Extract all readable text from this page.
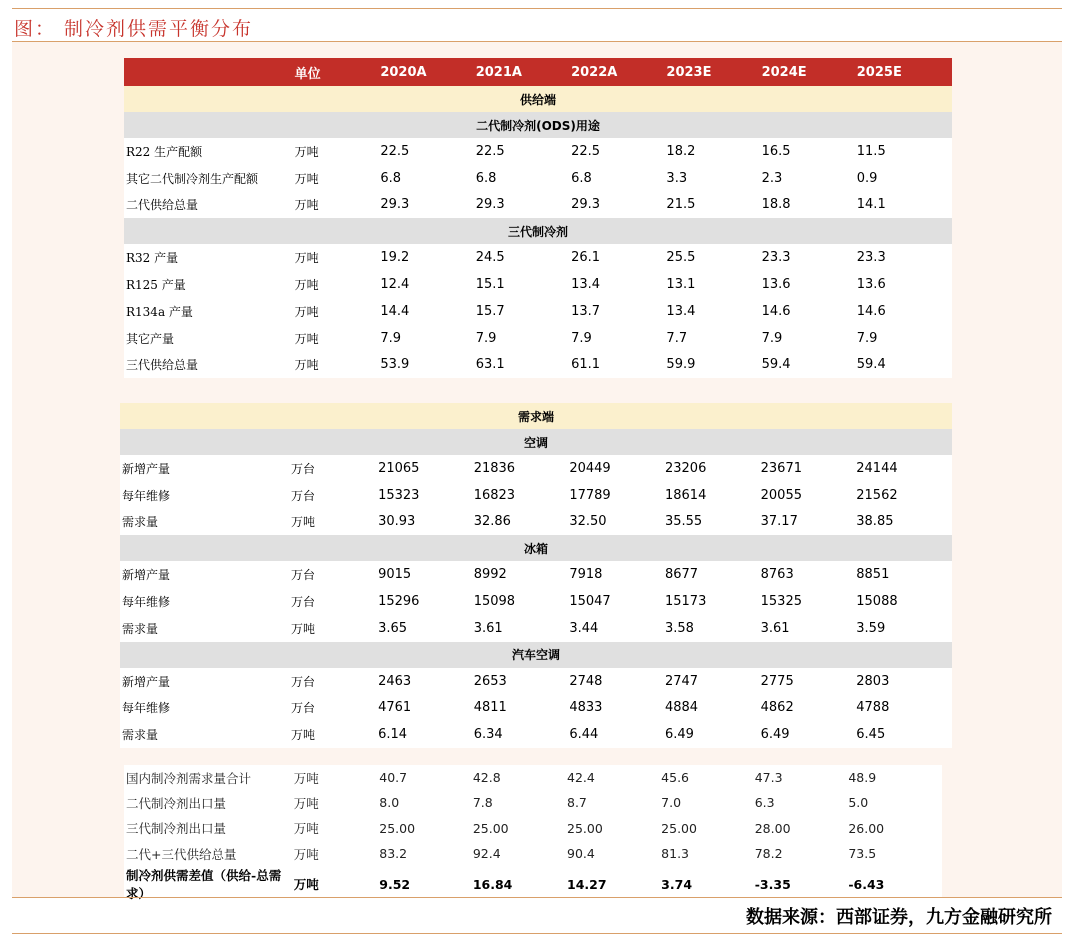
图： 制冷剂供需平衡分布
	单位	2020A	2021A	2022A	2023E	2024E	2025E
供给端							
二代制冷剂(ODS)用途							
R22 生产配额	万吨	22.5	22.5	22.5	18.2	16.5	11.5
其它二代制冷剂生产配额	万吨	6.8	6.8	6.8	3.3	2.3	0.9
二代供给总量	万吨	29.3	29.3	29.3	21.5	18.8	14.1
三代制冷剂							
R32 产量	万吨	19.2	24.5	26.1	25.5	23.3	23.3
R125 产量	万吨	12.4	15.1	13.4	13.1	13.6	13.6
R134a 产量	万吨	14.4	15.7	13.7	13.4	14.6	14.6
其它产量	万吨	7.9	7.9	7.9	7.7	7.9	7.9
三代供给总量	万吨	53.9	63.1	61.1	59.9	59.4	59.4
需求端							
空调							
新增产量	万台	21065	21836	20449	23206	23671	24144
每年维修	万台	15323	16823	17789	18614	20055	21562
需求量	万吨	30.93	32.86	32.50	35.55	37.17	38.85
冰箱							
新增产量	万台	9015	8992	7918	8677	8763	8851
每年维修	万台	15296	15098	15047	15173	15325	15088
需求量	万吨	3.65	3.61	3.44	3.58	3.61	3.59
汽车空调							
新增产量	万台	2463	2653	2748	2747	2775	2803
每年维修	万台	4761	4811	4833	4884	4862	4788
需求量	万吨	6.14	6.34	6.44	6.49	6.49	6.45
国内制冷剂需求量合计	万吨	40.7	42.8	42.4	45.6	47.3	48.9
二代制冷剂出口量	万吨	8.0	7.8	8.7	7.0	6.3	5.0
三代制冷剂出口量	万吨	25.00	25.00	25.00	25.00	28.00	26.00
二代+三代供给总量	万吨	83.2	92.4	90.4	81.3	78.2	73.5
制冷剂供需差值（供给-总需求）	万吨	9.52	16.84	14.27	3.74	-3.35	-6.43
数据来源：西部证券，九方金融研究所
